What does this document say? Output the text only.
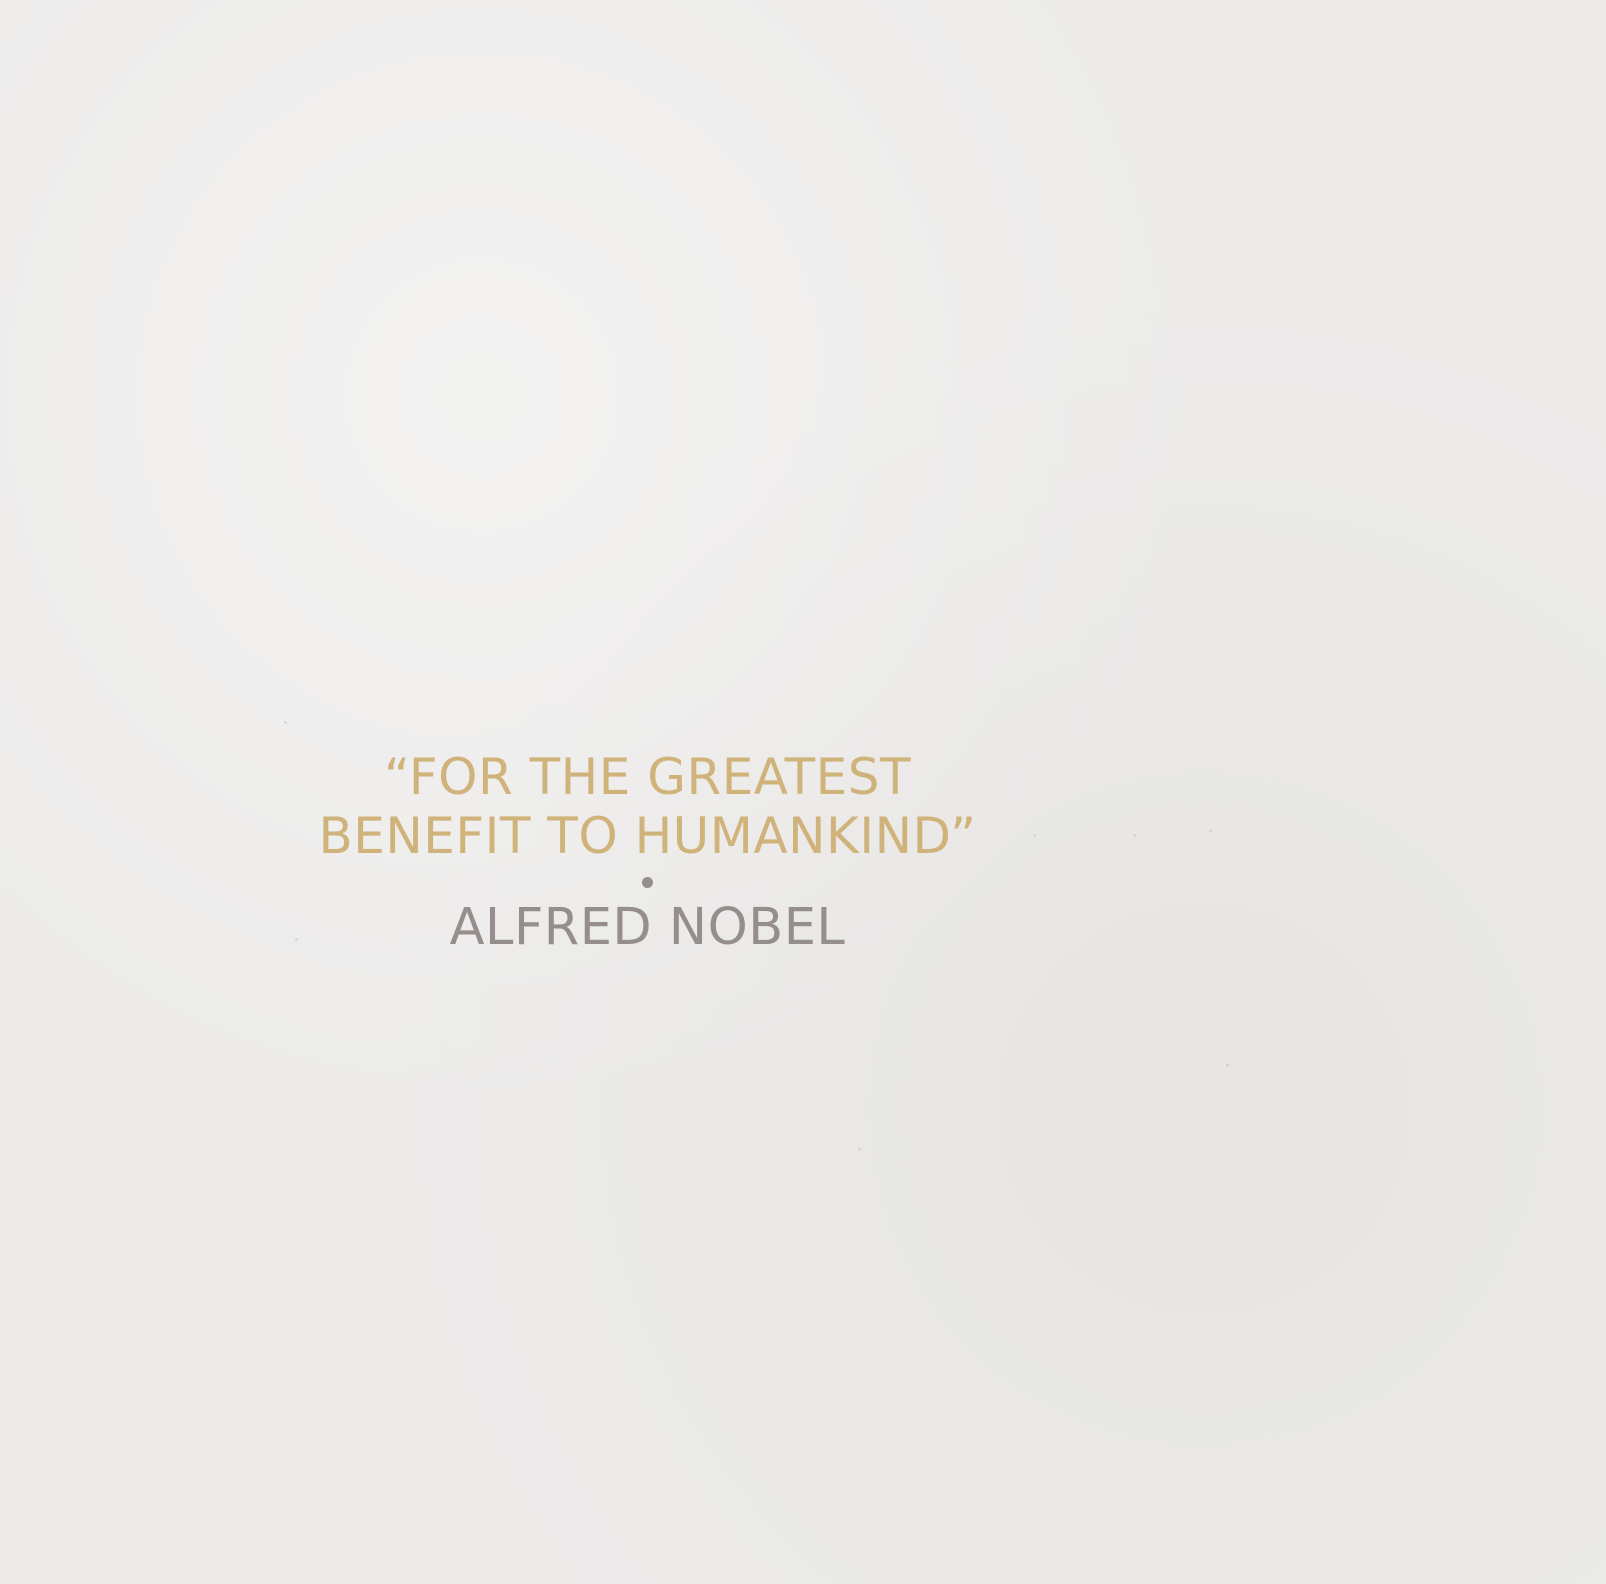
“FOR THE GREATEST
BENEFIT TO HUMANKIND”
ALFRED NOBEL
